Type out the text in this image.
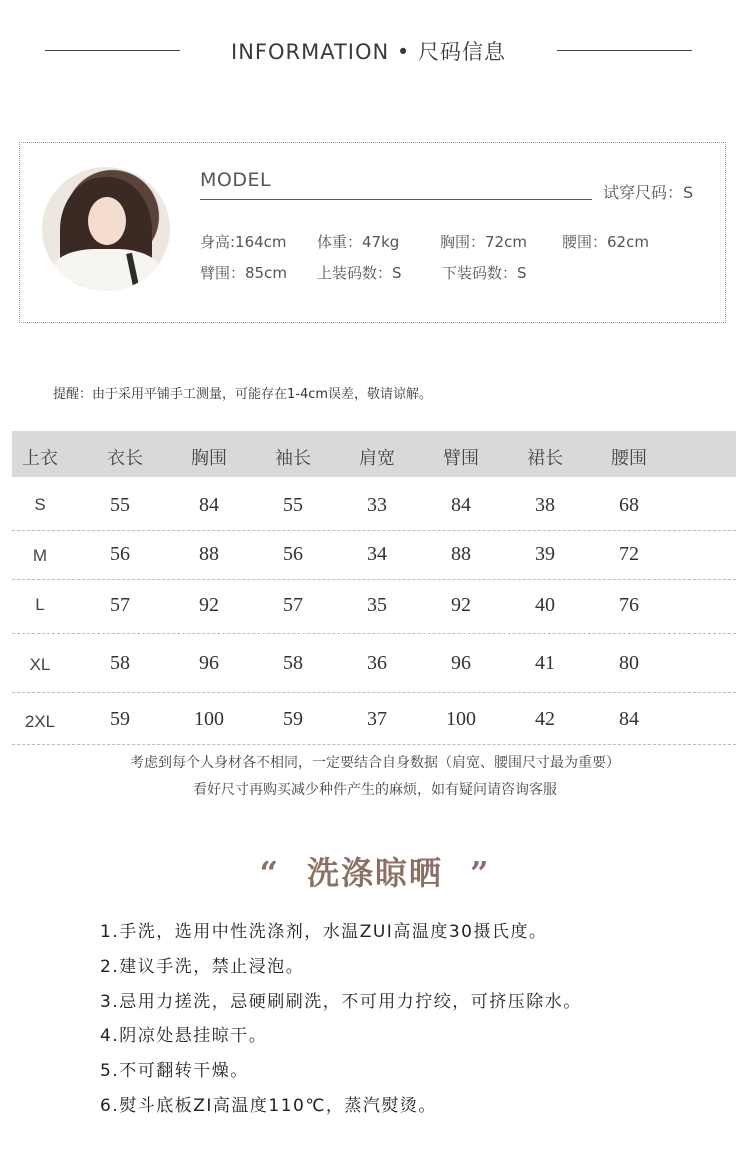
INFORMATION • 尺码信息
MODEL
试穿尺码：S
身高:164cm 体重：47kg	胸围：72cm 腰围：62cm
臂围：85cm 上装码数：S	下装码数：S
提醒：由于采用平铺手工测量，可能存在1-4cm误差，敬请谅解。
上衣	衣长	胸围	袖长	肩宽	臂围	裙长	腰围
S	55	84	55	33	84	38	68
M	56	88	56	34	88	39	72
L	57	92	57	35	92	40	76
XL	58	96	58	36	96	41	80
2XL	59	100	59	37	100	42	84
考虑到每个人身材各不相同，一定要结合自身数据（肩宽、腰围尺寸最为重要）
看好尺寸再购买减少种件产生的麻烦，如有疑问请咨询客服
“ 洗涤晾晒 ”
1.手洗，选用中性洗涤剂，水温ZUI高温度30摄氏度。
2.建议手洗，禁止浸泡。
3.忌用力搓洗，忌硬刷刷洗，不可用力拧绞，可挤压除水。
4.阴凉处悬挂晾干。
5.不可翻转干燥。
6.熨斗底板ZI高温度110℃，蒸汽熨烫。
